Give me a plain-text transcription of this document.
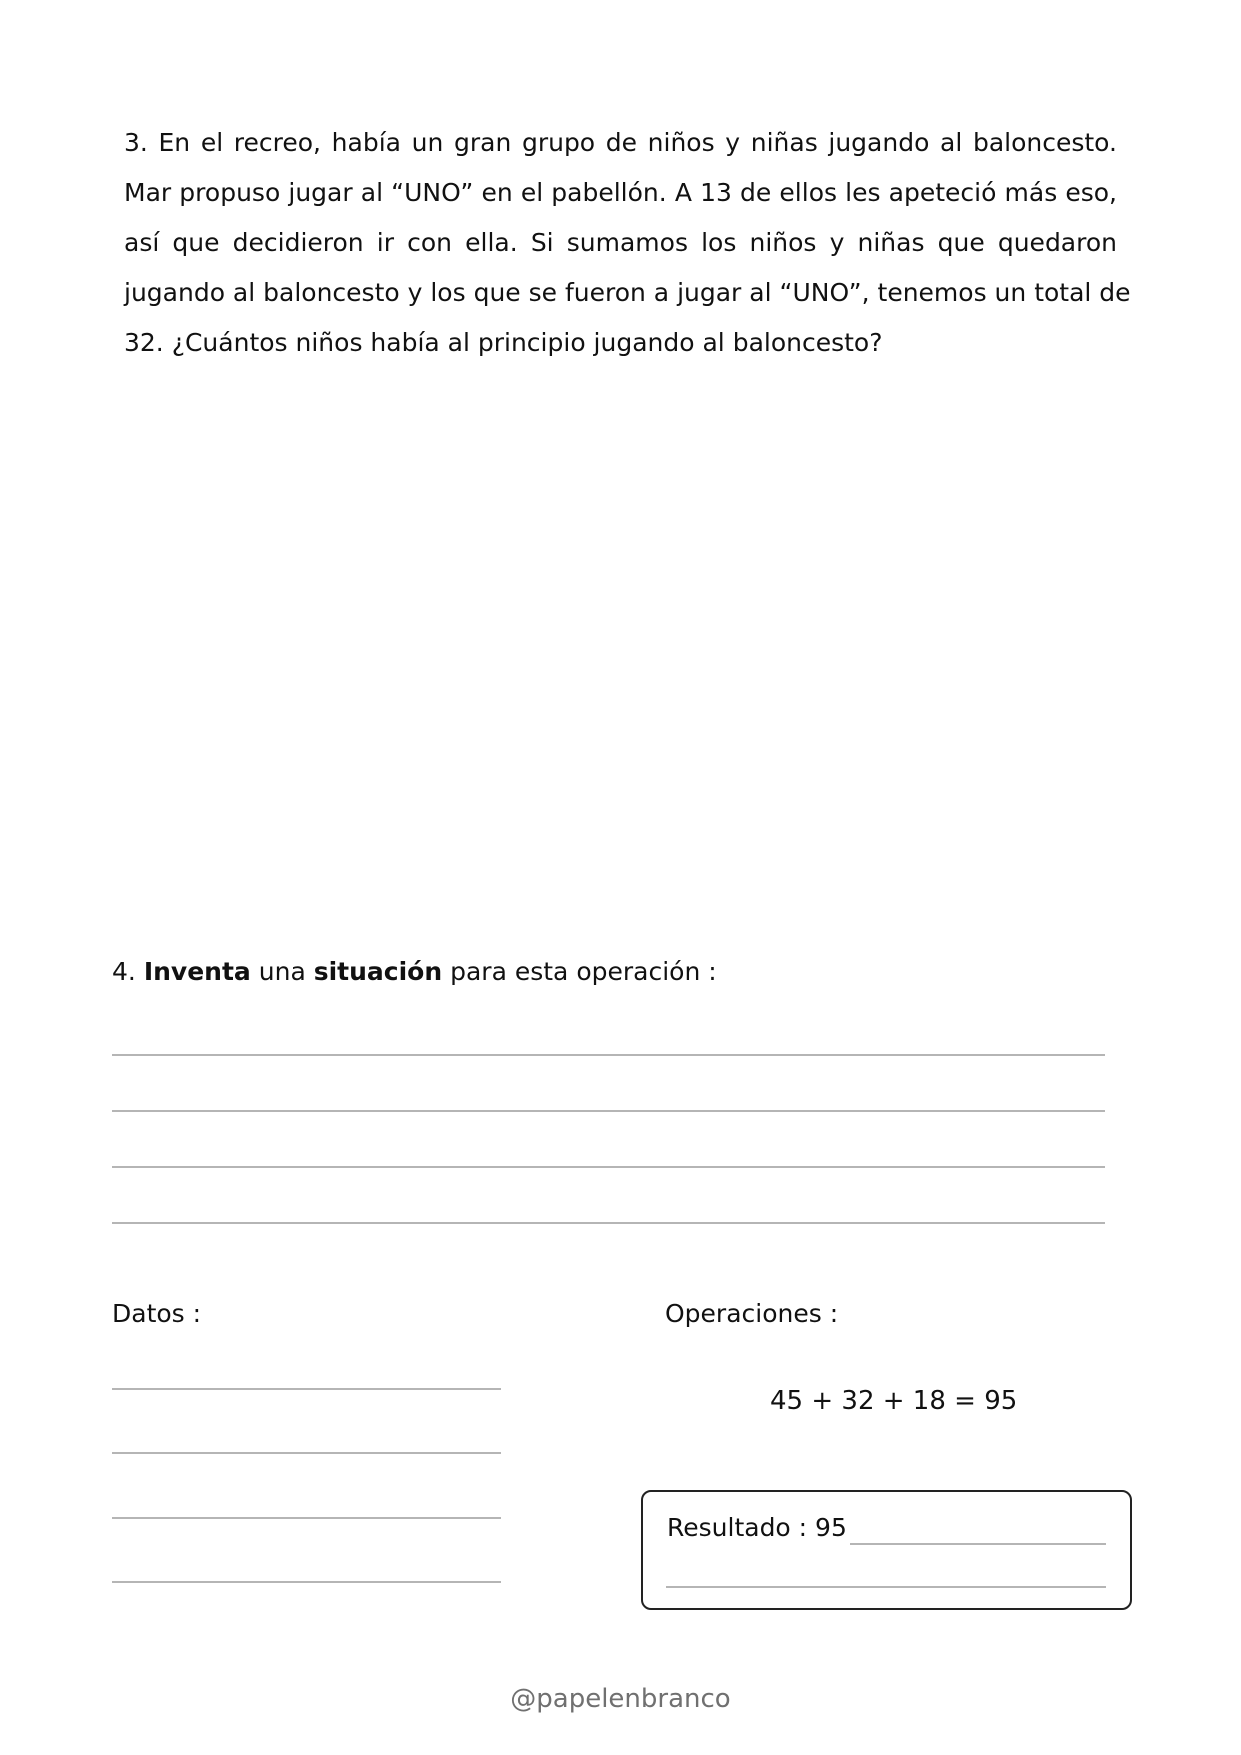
3. En el recreo, había un gran grupo de niños y niñas jugando al baloncesto.
Mar propuso jugar al “UNO” en el pabellón. A 13 de ellos les apeteció más eso,
así que decidieron ir con ella. Si sumamos los niños y niñas que quedaron
jugando al baloncesto y los que se fueron a jugar al “UNO”, tenemos un total de
32. ¿Cuántos niños había al principio jugando al baloncesto?

4. Inventa una situación para esta operación :

Datos :	Operaciones :

45 + 32 + 18 = 95
Resultado : 95
@papelenbranco
